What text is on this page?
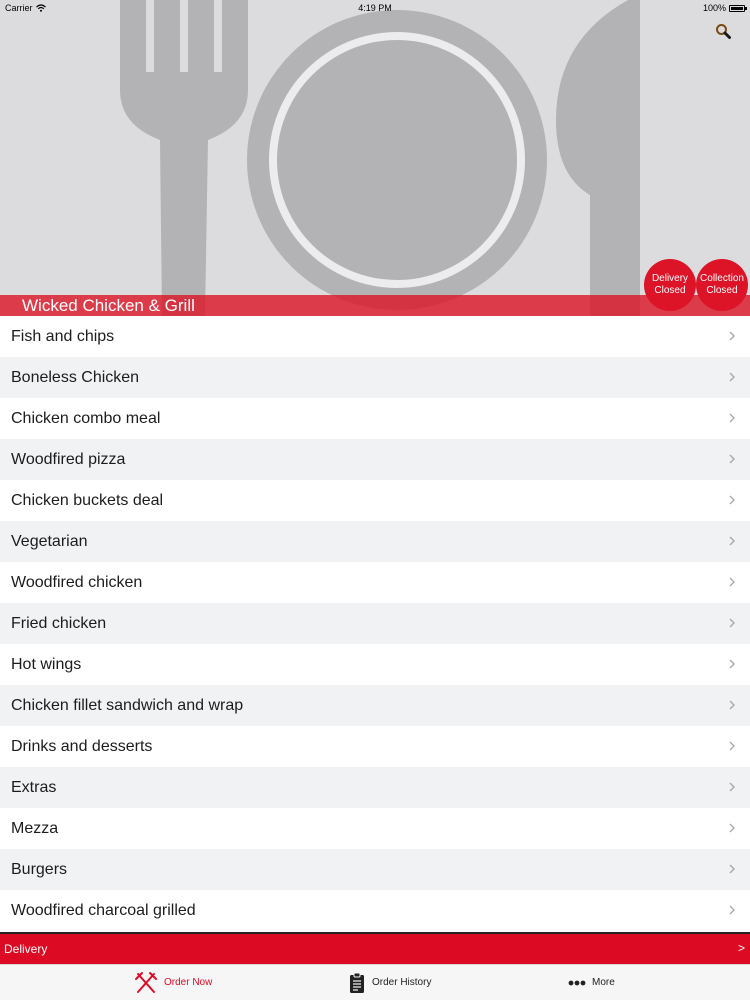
Wicked Chicken & Grill
Delivery
Closed
Collection
Closed
Carrier	4:19 PM	100%
Fish and chips
Boneless Chicken
Chicken combo meal
Woodfired pizza
Chicken buckets deal
Vegetarian
Woodfired chicken
Fried chicken
Hot wings
Chicken fillet sandwich and wrap
Drinks and desserts
Extras
Mezza
Burgers
Woodfired charcoal grilled
Delivery	>
Order Now	Order History	More
